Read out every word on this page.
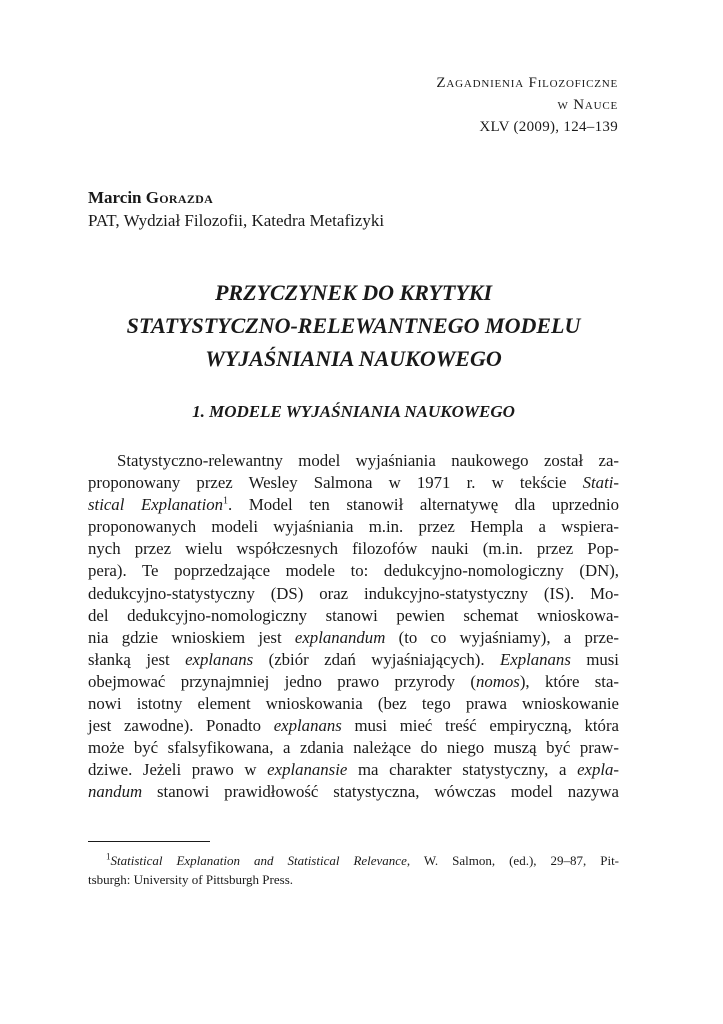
Zagadnienia Filozoficzne
w Nauce
XLV (2009), 124–139
Marcin Gorazda
PAT, Wydział Filozofii, Katedra Metafizyki
PRZYCZYNEK DO KRYTYKI
STATYSTYCZNO-RELEWANTNEGO MODELU
WYJAŚNIANIA NAUKOWEGO
1. MODELE WYJAŚNIANIA NAUKOWEGO
Statystyczno-relewantny model wyjaśniania naukowego został za-
proponowany przez Wesley Salmona w 1971 r. w tekście Stati-
stical Explanation$^1$. Model ten stanowił alternatywę dla uprzednio
proponowanych modeli wyjaśniania m.in. przez Hempla a wspiera-
nych przez wielu współczesnych filozofów nauki (m.in. przez Pop-
pera). Te poprzedzające modele to: dedukcyjno-nomologiczny (DN),
dedukcyjno-statystyczny (DS) oraz indukcyjno-statystyczny (IS). Mo-
del dedukcyjno-nomologiczny stanowi pewien schemat wnioskowa-
nia gdzie wnioskiem jest explanandum (to co wyjaśniamy), a prze-
słanką jest explanans (zbiór zdań wyjaśniających). Explanans musi
obejmować przynajmniej jedno prawo przyrody (nomos), które sta-
nowi istotny element wnioskowania (bez tego prawa wnioskowanie
jest zawodne). Ponadto explanans musi mieć treść empiryczną, która
może być sfalsyfikowana, a zdania należące do niego muszą być praw-
dziwe. Jeżeli prawo w explanansie ma charakter statystyczny, a expla-
nandum stanowi prawidłowość statystyczna, wówczas model nazywa
$^1$Statistical Explanation and Statistical Relevance, W. Salmon, (ed.), 29–87, Pit-
tsburgh: University of Pittsburgh Press.
